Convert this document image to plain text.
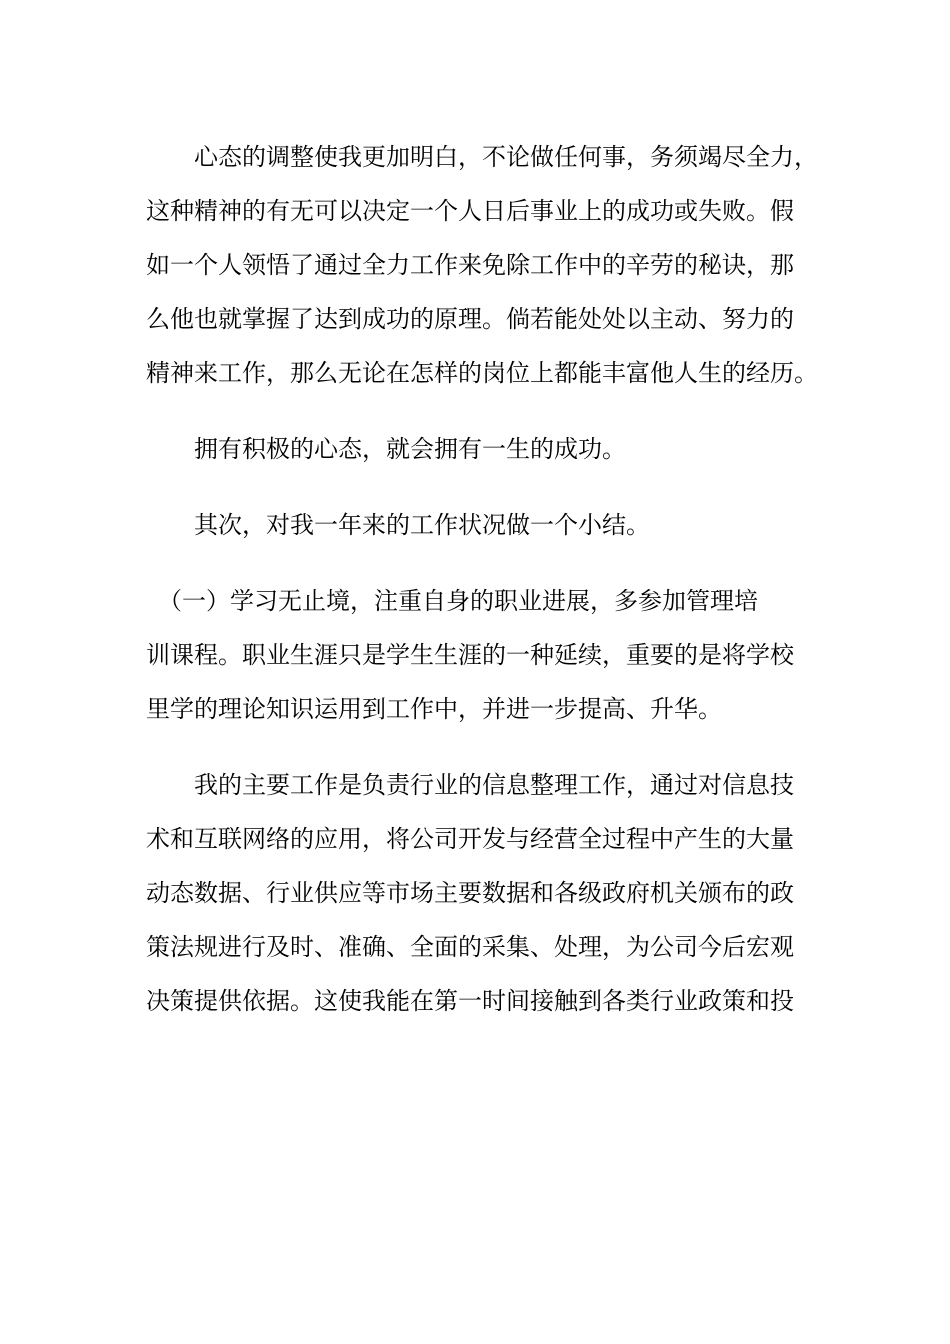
　　心态的调整使我更加明白，不论做任何事，务须竭尽全力，
这种精神的有无可以决定一个人日后事业上的成功或失败。假
如一个人领悟了通过全力工作来免除工作中的辛劳的秘诀，那
么他也就掌握了达到成功的原理。倘若能处处以主动、努力的
精神来工作，那么无论在怎样的岗位上都能丰富他人生的经历。
　　拥有积极的心态，就会拥有一生的成功。
　　其次，对我一年来的工作状况做一个小结。
　（一）学习无止境，注重自身的职业进展，多参加管理培
训课程。职业生涯只是学生生涯的一种延续，重要的是将学校
里学的理论知识运用到工作中，并进一步提高、升华。
　　我的主要工作是负责行业的信息整理工作，通过对信息技
术和互联网络的应用，将公司开发与经营全过程中产生的大量
动态数据、行业供应等市场主要数据和各级政府机关颁布的政
策法规进行及时、准确、全面的采集、处理，为公司今后宏观
决策提供依据。这使我能在第一时间接触到各类行业政策和投
